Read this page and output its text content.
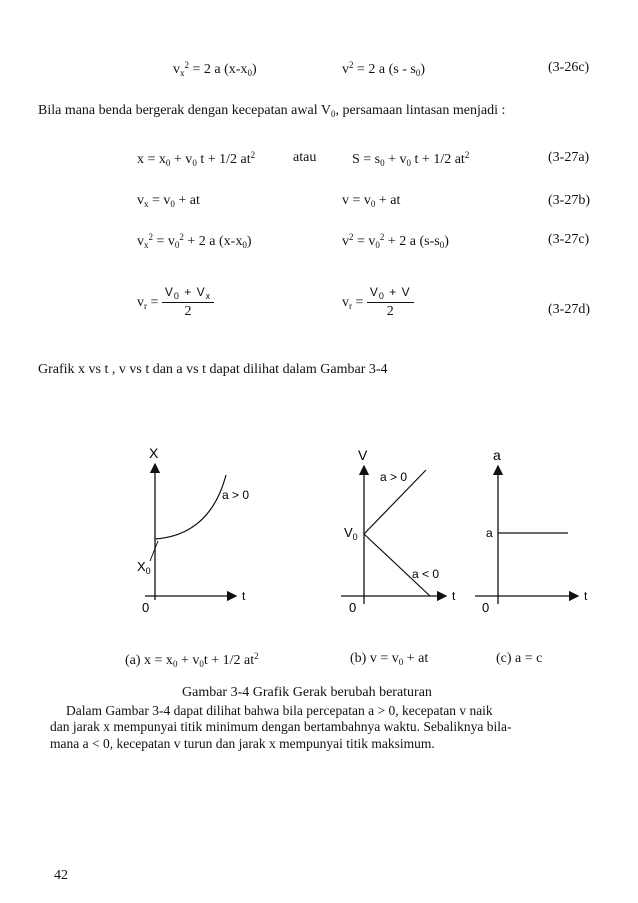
$v_x^2 = 2$ a $(x-x_0)$	$v^2 = 2$ a $(s - s_0)$	(3-26c)
Bila mana benda bergerak dengan kecepatan awal $V_0$, persamaan lintasan menjadi :
$x = x_0 + v_0$ t + 1/2 $at^2$	atau	$S = s_0 + v_0$ t + 1/2 $at^2$	(3-27a)
$v_x = v_0$ + at	$v = v_0$ + at	(3-27b)
$v_x^2 = v_0^2 + 2$ a $(x-x_0)$	$v^2 = v_0^2 + 2$ a $(s-s_0)$	(3-27c)
$v_r = \frac{V_0 + V_x}{2}$	$v_r = \frac{V_0 + V}{2}$	(3-27d)
Grafik x vs t , v vs t dan a vs t dapat dilihat dalam Gambar 3-4
X
t
0
$X_0$
a > 0
V
t
0
$V_0$
a > 0
a < 0
a
t
0
a
(a) $x = x_0 + v_0t + 1/2$ $at^2$	(b) $v = v_0$ + at	(c) a = c
Gambar 3-4 Grafik Gerak berubah beraturan
Dalam Gambar 3-4 dapat dilihat bahwa bila percepatan a > 0, kecepatan v naik
dan jarak x mempunyai titik minimum dengan bertambahnya waktu. Sebaliknya bila-
mana a < 0, kecepatan v turun dan jarak x mempunyai titik maksimum.
42
